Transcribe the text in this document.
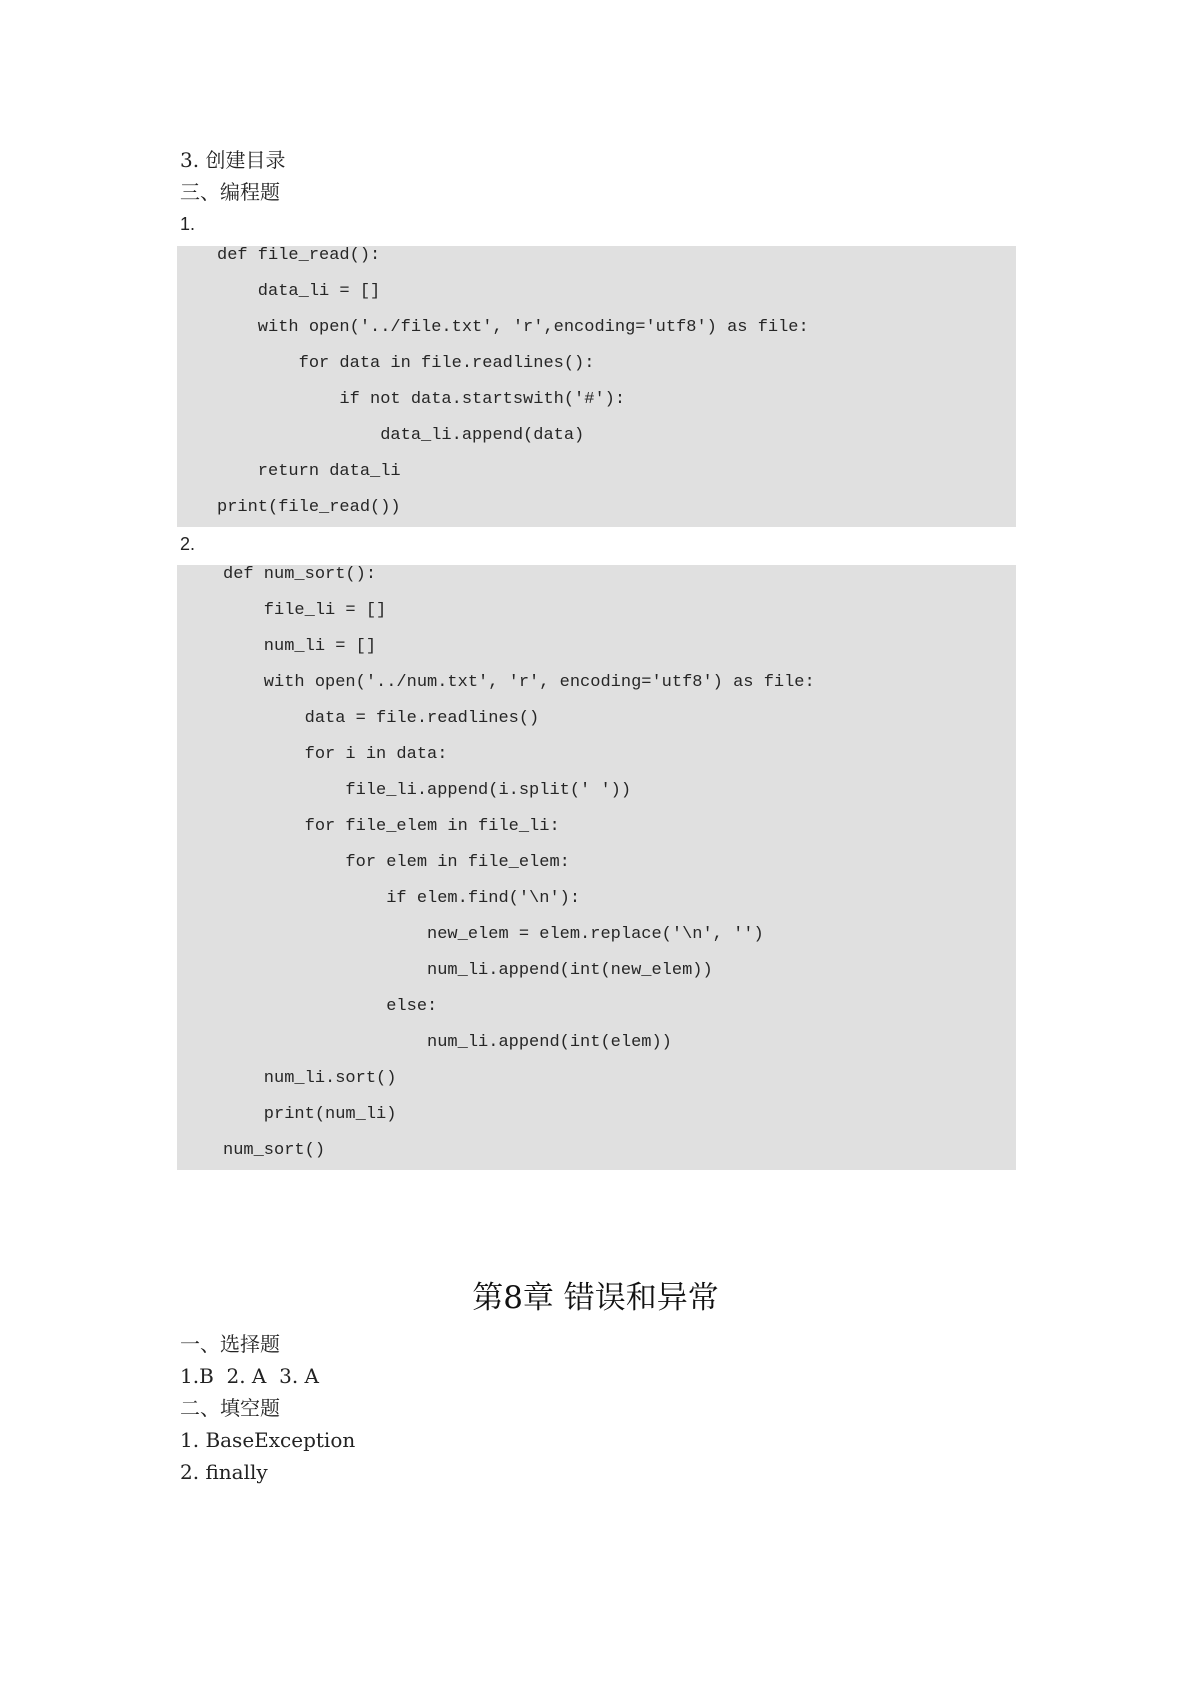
3. 创建目录
三、编程题
1.
def file_read():
data_li = []
with open('../file.txt', 'r',encoding='utf8') as file:
for data in file.readlines():
if not data.startswith('#'):
data_li.append(data)
return data_li
print(file_read())
2.
def num_sort():
file_li = []
num_li = []
with open('../num.txt', 'r', encoding='utf8') as file:
data = file.readlines()
for i in data:
file_li.append(i.split(' '))
for file_elem in file_li:
for elem in file_elem:
if elem.find('\n'):
new_elem = elem.replace('\n', '')
num_li.append(int(new_elem))
else:
num_li.append(int(elem))
num_li.sort()
print(num_li)
num_sort()
第8章 错误和异常
一、选择题
1.B  2. A  3. A
二、填空题
1. BaseException
2. finally
